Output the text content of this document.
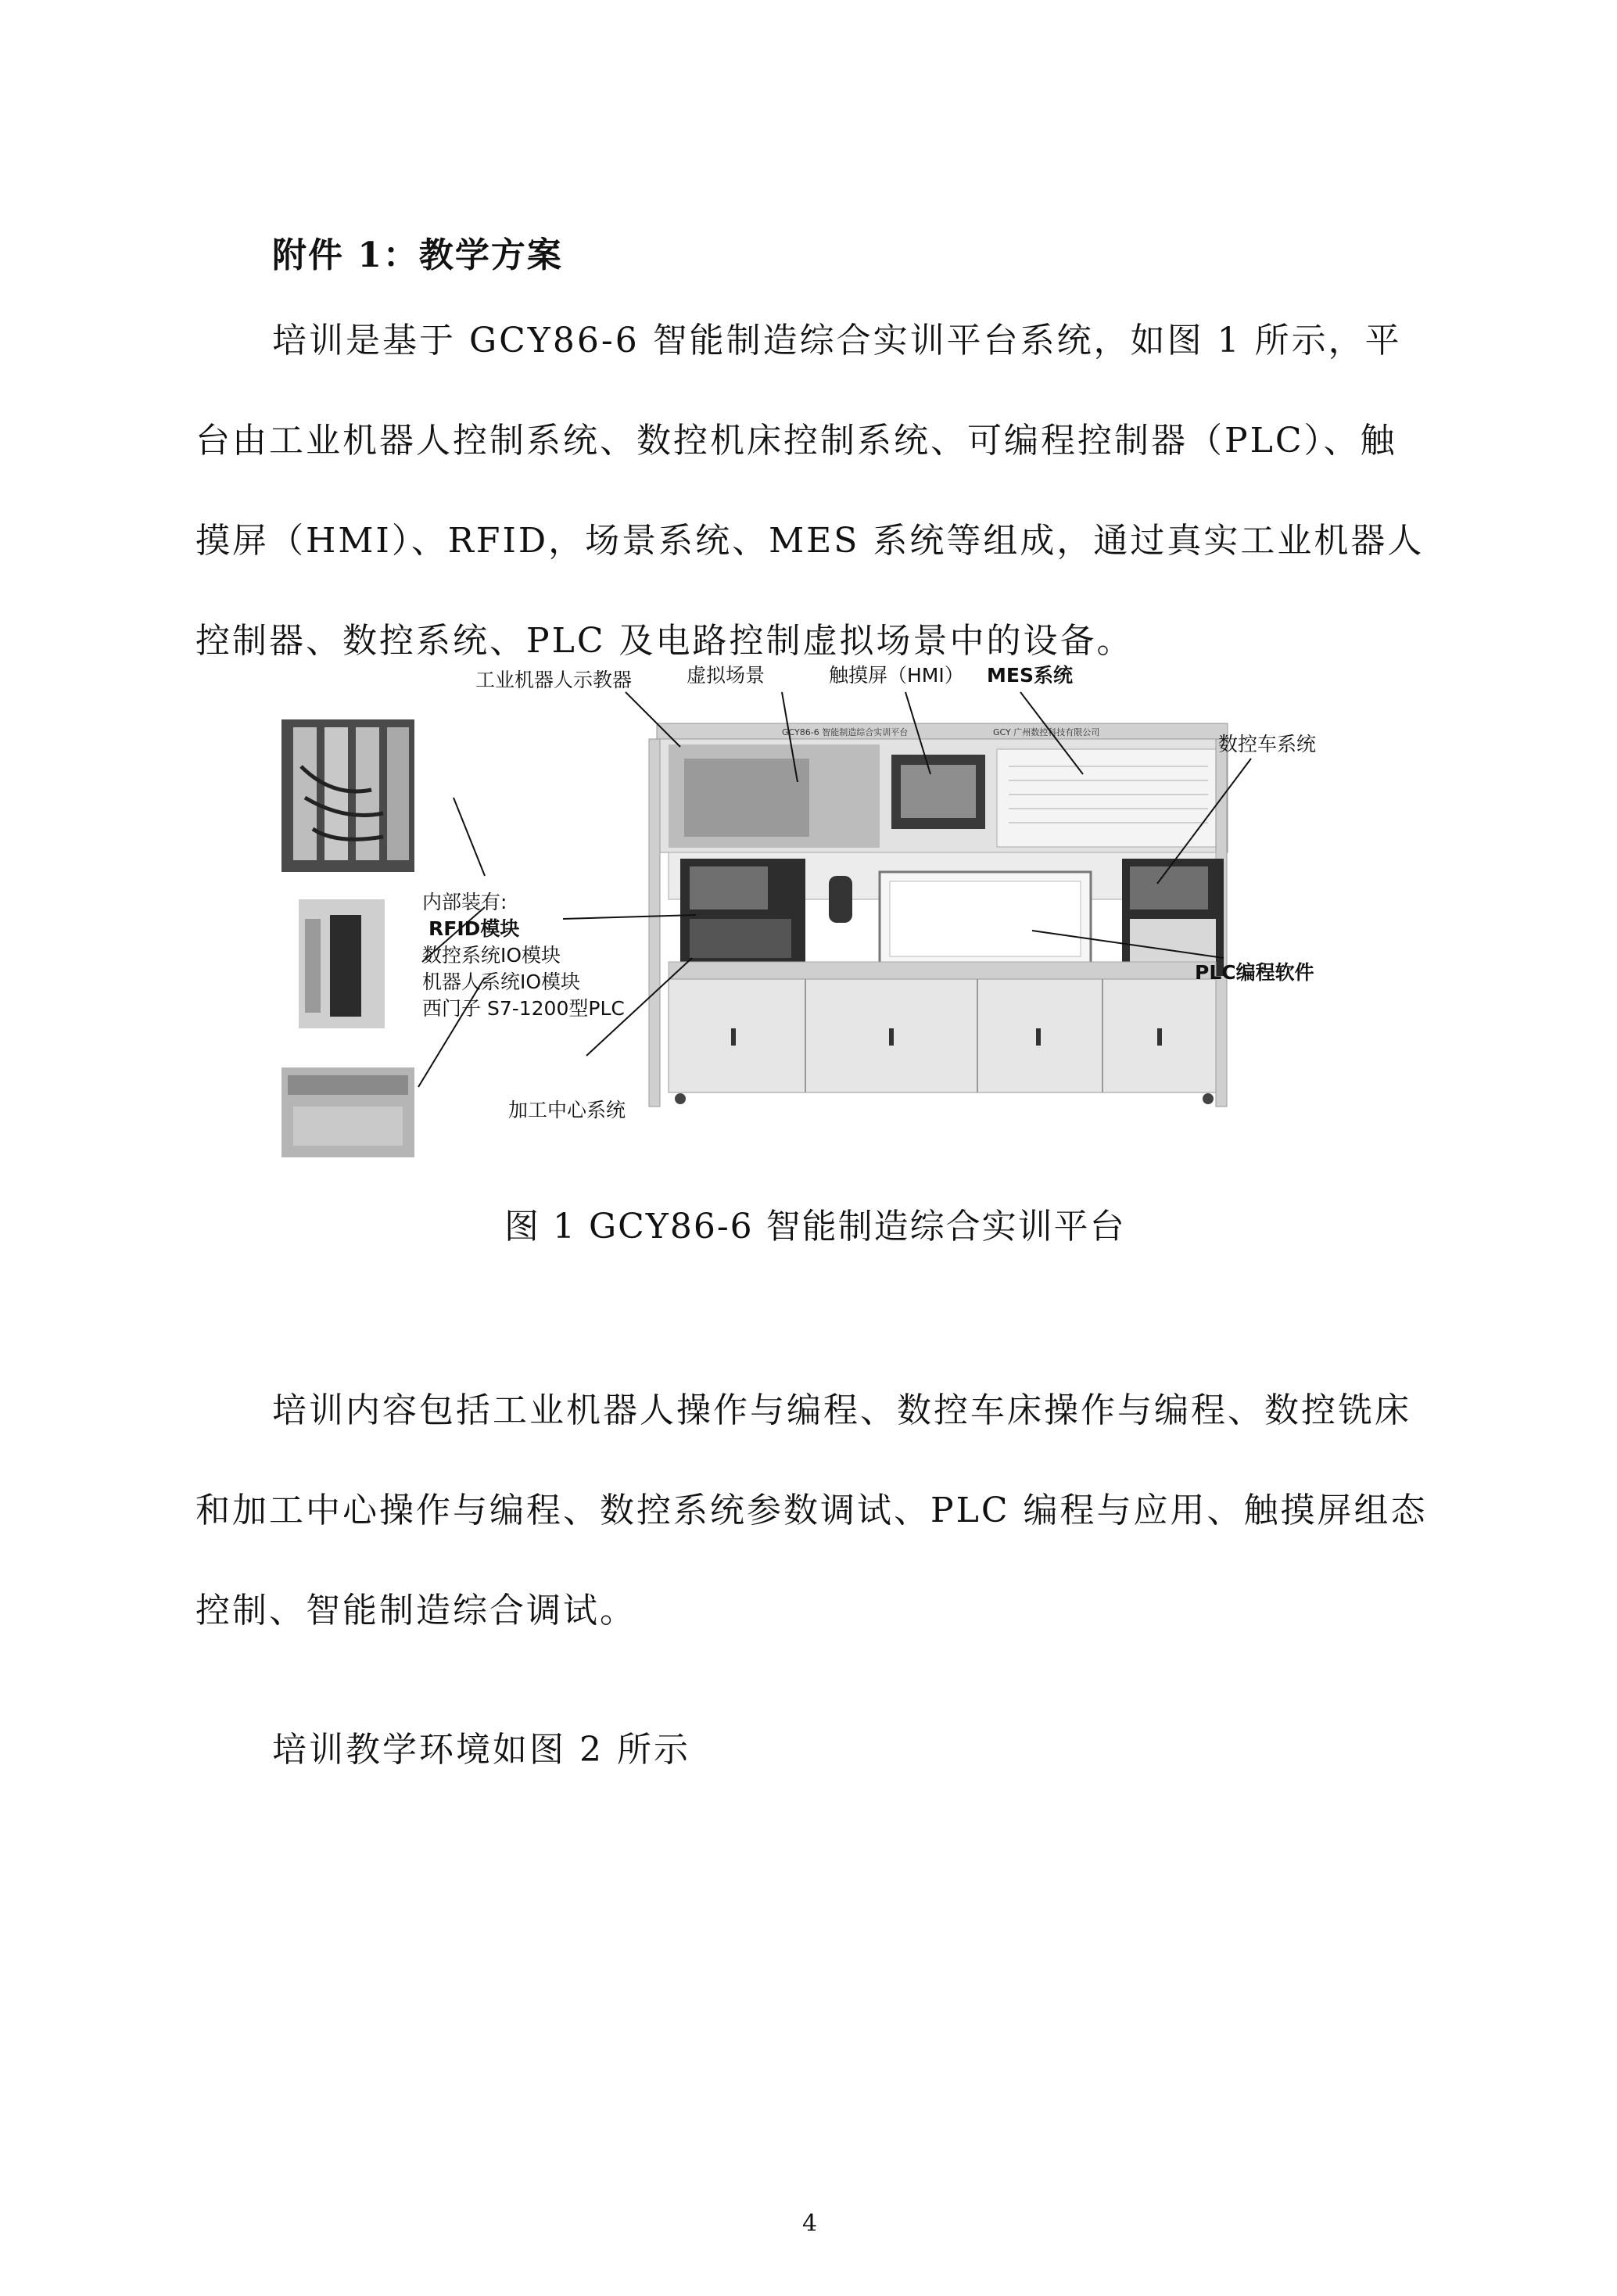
附件 1：教学方案
培训是基于 GCY86-6 智能制造综合实训平台系统，如图 1 所示，平台由工业机器人控制系统、数控机床控制系统、可编程控制器（PLC）、触摸屏（HMI）、RFID，场景系统、MES 系统等组成，通过真实工业机器人控制器、数控系统、PLC 及电路控制虚拟场景中的设备。
GCY86-6 智能制造综合实训平台	GCY 广州数控科技有限公司
工业机器人示教器	虚拟场景	触摸屏（HMI） MES系统
数控车系统
PLC编程软件
加工中心系统
内部装有:
RFID模块
数控系统IO模块
机器人系统IO模块
西门子 S7-1200型PLC
图 1 GCY86-6 智能制造综合实训平台
培训内容包括工业机器人操作与编程、数控车床操作与编程、数控铣床和加工中心操作与编程、数控系统参数调试、PLC 编程与应用、触摸屏组态控制、智能制造综合调试。
培训教学环境如图 2 所示
4
